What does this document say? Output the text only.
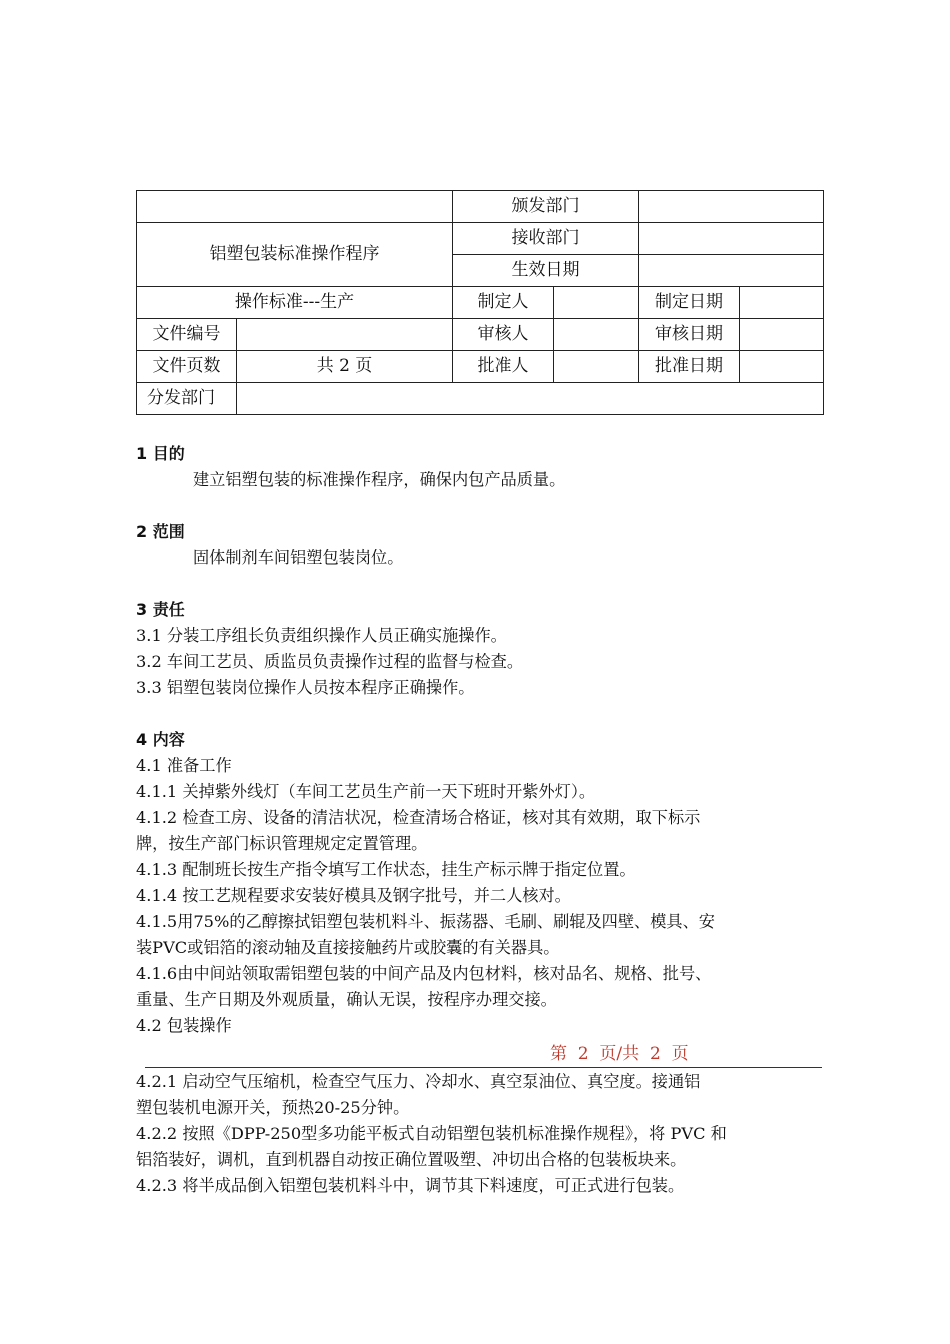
		颁发部门			
铝塑包装标准操作程序		接收部门			
		生效日期			
操作标准---生产		制定人		制定日期	
文件编号		审核人		审核日期	
文件页数	共 2 页	批准人		批准日期	
分发部门					
1 目的
建立铝塑包装的标准操作程序，确保内包产品质量。
2 范围
固体制剂车间铝塑包装岗位。
3 责任
3.1 分装工序组长负责组织操作人员正确实施操作。
3.2 车间工艺员、质监员负责操作过程的监督与检查。
3.3 铝塑包装岗位操作人员按本程序正确操作。
4 内容
4.1 准备工作
4.1.1 关掉紫外线灯（车间工艺员生产前一天下班时开紫外灯）。
4.1.2 检查工房、设备的清洁状况，检查清场合格证，核对其有效期，取下标示
牌，按生产部门标识管理规定定置管理。
4.1.3 配制班长按生产指令填写工作状态，挂生产标示牌于指定位置。
4.1.4 按工艺规程要求安装好模具及钢字批号，并二人核对。
4.1.5用75%的乙醇擦拭铝塑包装机料斗、振荡器、毛刷、刷辊及四壁、模具、安
装PVC或铝箔的滚动轴及直接接触药片或胶囊的有关器具。
4.1.6由中间站领取需铝塑包装的中间产品及内包材料，核对品名、规格、批号、
重量、生产日期及外观质量，确认无误，按程序办理交接。
4.2 包装操作
第  2  页/共  2  页
4.2.1 启动空气压缩机，检查空气压力、冷却水、真空泵油位、真空度。接通铝
塑包装机电源开关，预热20-25分钟。
4.2.2 按照《DPP-250型多功能平板式自动铝塑包装机标准操作规程》，将 PVC 和
铝箔装好，调机，直到机器自动按正确位置吸塑、冲切出合格的包装板块来。
4.2.3 将半成品倒入铝塑包装机料斗中，调节其下料速度，可正式进行包装。
